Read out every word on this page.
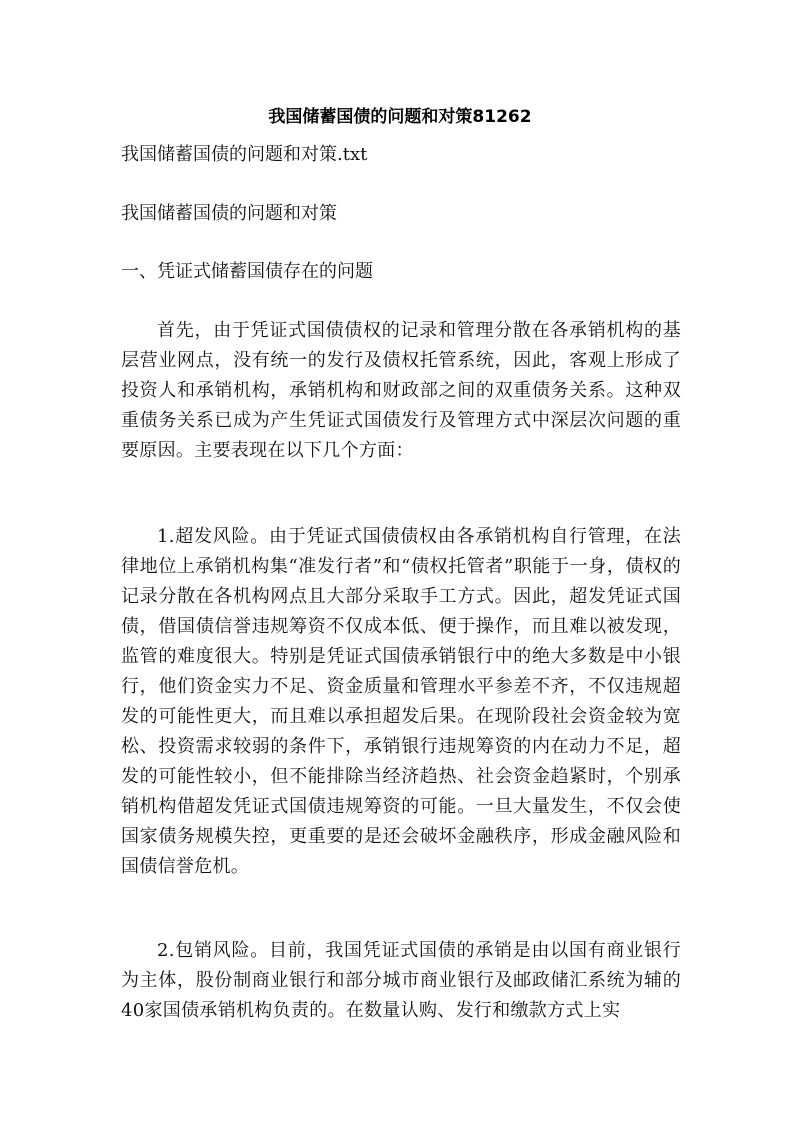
我国储蓄国债的问题和对策81262
我国储蓄国债的问题和对策.txt
我国储蓄国债的问题和对策
一、凭证式储蓄国债存在的问题

首先，由于凭证式国债债权的记录和管理分散在各承销机构的基层营业网点，没有统一的发行及债权托管系统，因此，客观上形成了投资人和承销机构，承销机构和财政部之间的双重债务关系。这种双重债务关系已成为产生凭证式国债发行及管理方式中深层次问题的重要原因。主要表现在以下几个方面：

1.超发风险。由于凭证式国债债权由各承销机构自行管理，在法律地位上承销机构集“准发行者”和“债权托管者”职能于一身，债权的记录分散在各机构网点且大部分采取手工方式。因此，超发凭证式国债，借国债信誉违规筹资不仅成本低、便于操作，而且难以被发现，监管的难度很大。特别是凭证式国债承销银行中的绝大多数是中小银行，他们资金实力不足、资金质量和管理水平参差不齐，不仅违规超发的可能性更大，而且难以承担超发后果。在现阶段社会资金较为宽松、投资需求较弱的条件下，承销银行违规筹资的内在动力不足，超发的可能性较小，但不能排除当经济趋热、社会资金趋紧时，个别承销机构借超发凭证式国债违规筹资的可能。一旦大量发生，不仅会使国家债务规模失控，更重要的是还会破坏金融秩序，形成金融风险和国债信誉危机。

2.包销风险。目前，我国凭证式国债的承销是由以国有商业银行为主体，股份制商业银行和部分城市商业银行及邮政储汇系统为辅的40家国债承销机构负责的。在数量认购、发行和缴款方式上实
